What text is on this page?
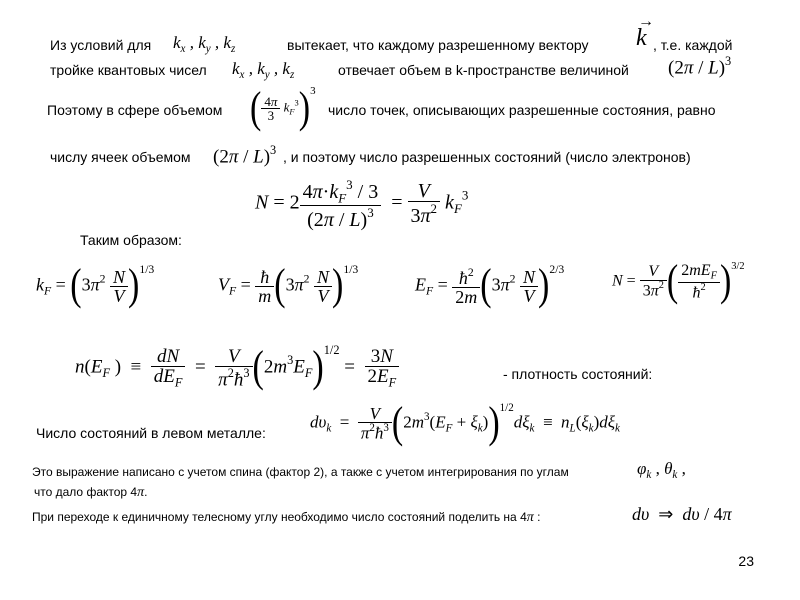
Из условий для $k_x$ , $k_y$ , $k_z$	вытекает, что каждому разрешенному вектору k
→
, т.е. каждой
тройке квантовых чисел $k_x$ , $k_y$ , $k_z$	отвечает объем в k-пространстве величиной (2π / L)$^3$
Поэтому в сфере объемом ( $\frac{4\pi}{3} k_F^3)^3$
число точек, описывающих разрешенные состояния, равно
числу ячеек объемом (2π / L)$^3$ , и поэтому число разрешенных состояний (число электронов)
$N = 2 \frac{4\pi\cdot k_F^3 / 3}{(2\pi / L)^3} = \frac{V}{3\pi^2} k_F^3$
Таким образом:
$k_F = (3\pi^2 \frac{N}{V} )^{1/3}$
$V_F = \frac{ħ}{m} (3\pi^2 \frac{N}{V} )^{1/3}$
$E_F = \frac{ħ^2}{2m} (3\pi^2 \frac{N}{V} )^{2/3}$
$N = \frac{V}{3\pi^2}$ ( $\frac{2mE_F}{ħ^2} )^{3/2}$
$n(E_F$ )  ≡ $\frac{dN}{dE_F} = \frac{V}{\pi^2ħ^3} (2m^3E_F)^{1/2} = \frac{3N}{2E_F}$	- плотность состояний:
Число состояний в левом металле:
$d\upsilon_k = \frac{V}{\pi^2ħ^3} (2m^3(E_F + \xi_k))^{1/2}d\xi_k \equiv n_L(\xi_k)d\xi_k$
Это выражение написано с учетом спина (фактор 2), а также с учетом интегрирования по углам	$\varphi_k$ , $\theta_k$ ,
что дало фактор 4π.
При переходе к единичному телесному углу необходимо число состояний поделить на 4π :	dυ  ⇒  dυ / 4π
23
